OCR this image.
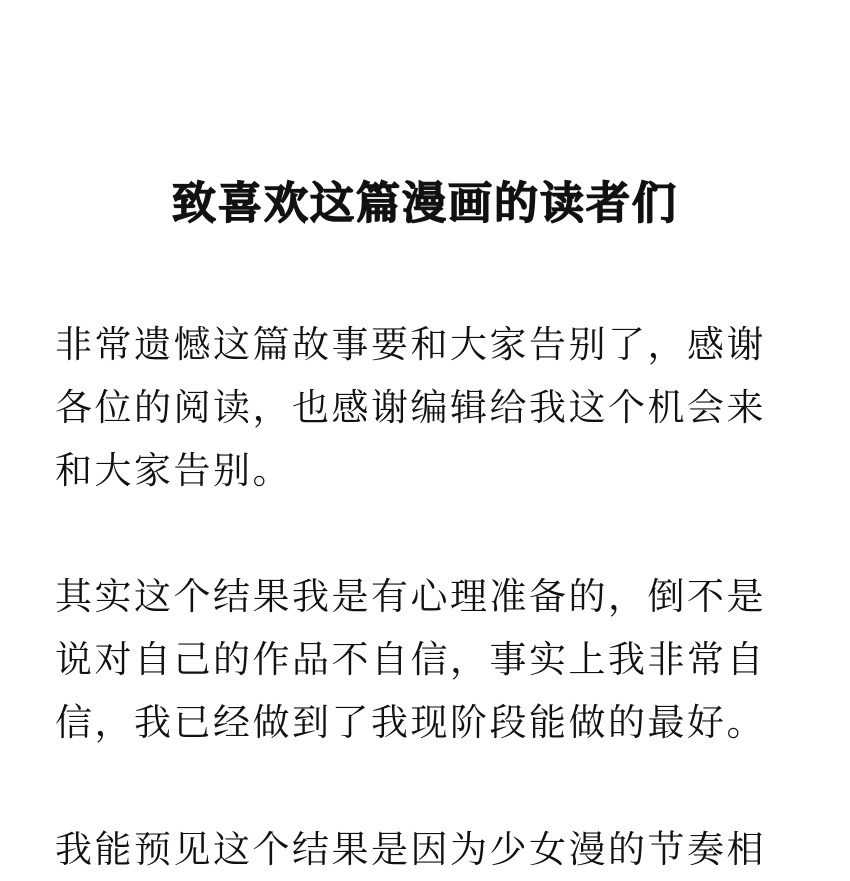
致喜欢这篇漫画的读者们

非常遗憾这篇故事要和大家告别了，感谢
各位的阅读，也感谢编辑给我这个机会来
和大家告别。

其实这个结果我是有心理准备的，倒不是
说对自己的作品不自信，事实上我非常自
信，我已经做到了我现阶段能做的最好。

我能预见这个结果是因为少女漫的节奏相
